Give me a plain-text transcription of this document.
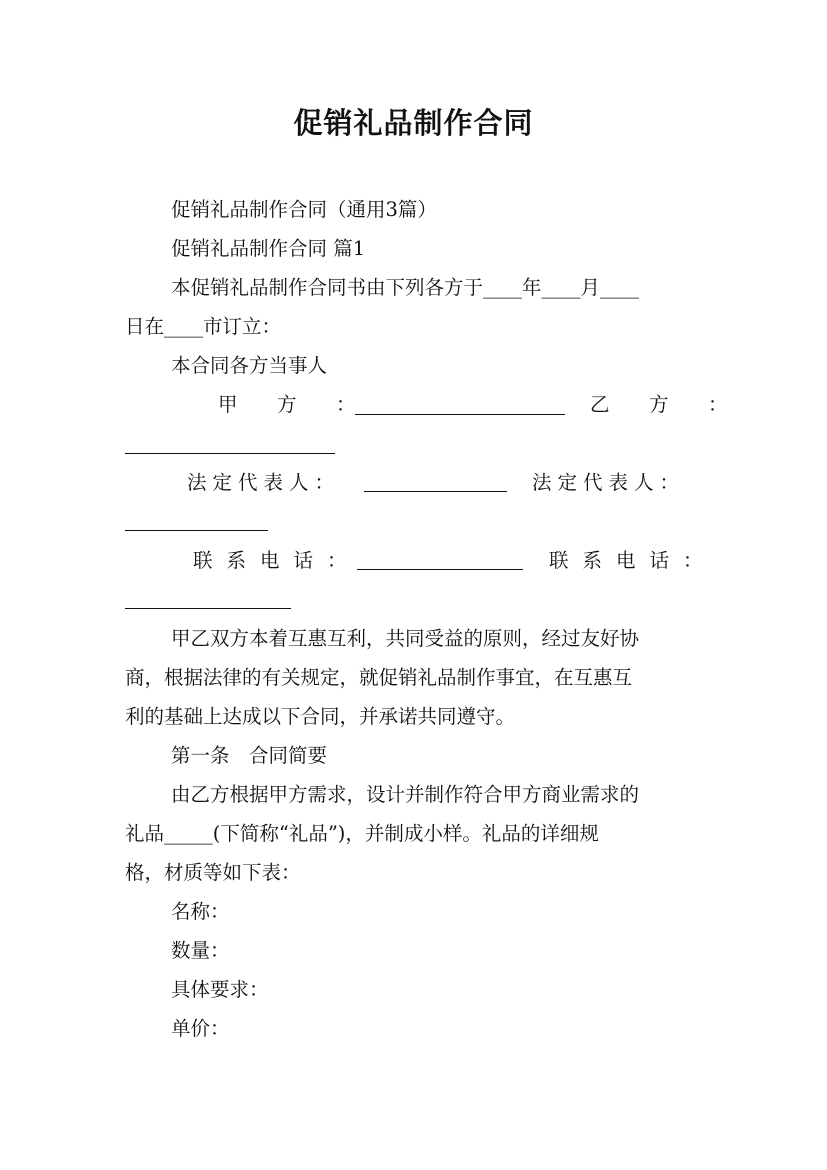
促销礼品制作合同
促销礼品制作合同（通用3篇）
促销礼品制作合同 篇1
本促销礼品制作合同书由下列各方于____年____月____
日在____市订立：
本合同各方当事人
甲　方　：	乙　方　：
法定代表人：	法定代表人：
联系电话：	联系电话：
甲乙双方本着互惠互利，共同受益的原则，经过友好协
商，根据法律的有关规定，就促销礼品制作事宜，在互惠互
利的基础上达成以下合同，并承诺共同遵守。
第一条　合同简要
由乙方根据甲方需求，设计并制作符合甲方商业需求的
礼品_____(下简称“礼品”)，并制成小样。礼品的详细规
格，材质等如下表：
名称：
数量：
具体要求：
单价：
